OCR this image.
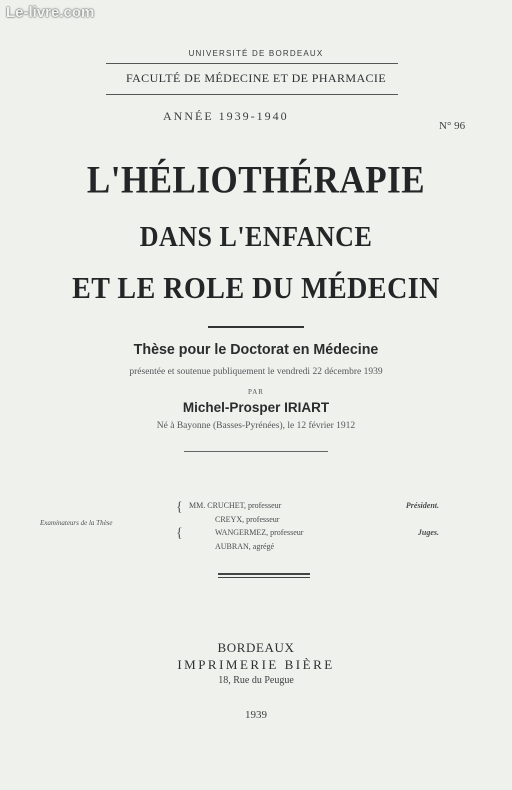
Le-livre.com
UNIVERSITÉ DE BORDEAUX
FACULTÉ DE MÉDECINE ET DE PHARMACIE
ANNÉE 1939-1940
N° 96
L'HÉLIOTHÉRAPIE
DANS L'ENFANCE
ET LE ROLE DU MÉDECIN
Thèse pour le Doctorat en Médecine
présentée et soutenue publiquement le vendredi 22 décembre 1939
PAR
Michel-Prosper IRIART
Né à Bayonne (Basses-Pyrénées), le 12 février 1912
Examinateurs de la Thèse
{
{
MM. CRUCHET, professeur	Président.
CREYX, professeur
WANGERMEZ, professeur	Juges.
AUBRAN, agrégé
BORDEAUX
IMPRIMERIE BIÈRE
18, Rue du Peugue
1939
